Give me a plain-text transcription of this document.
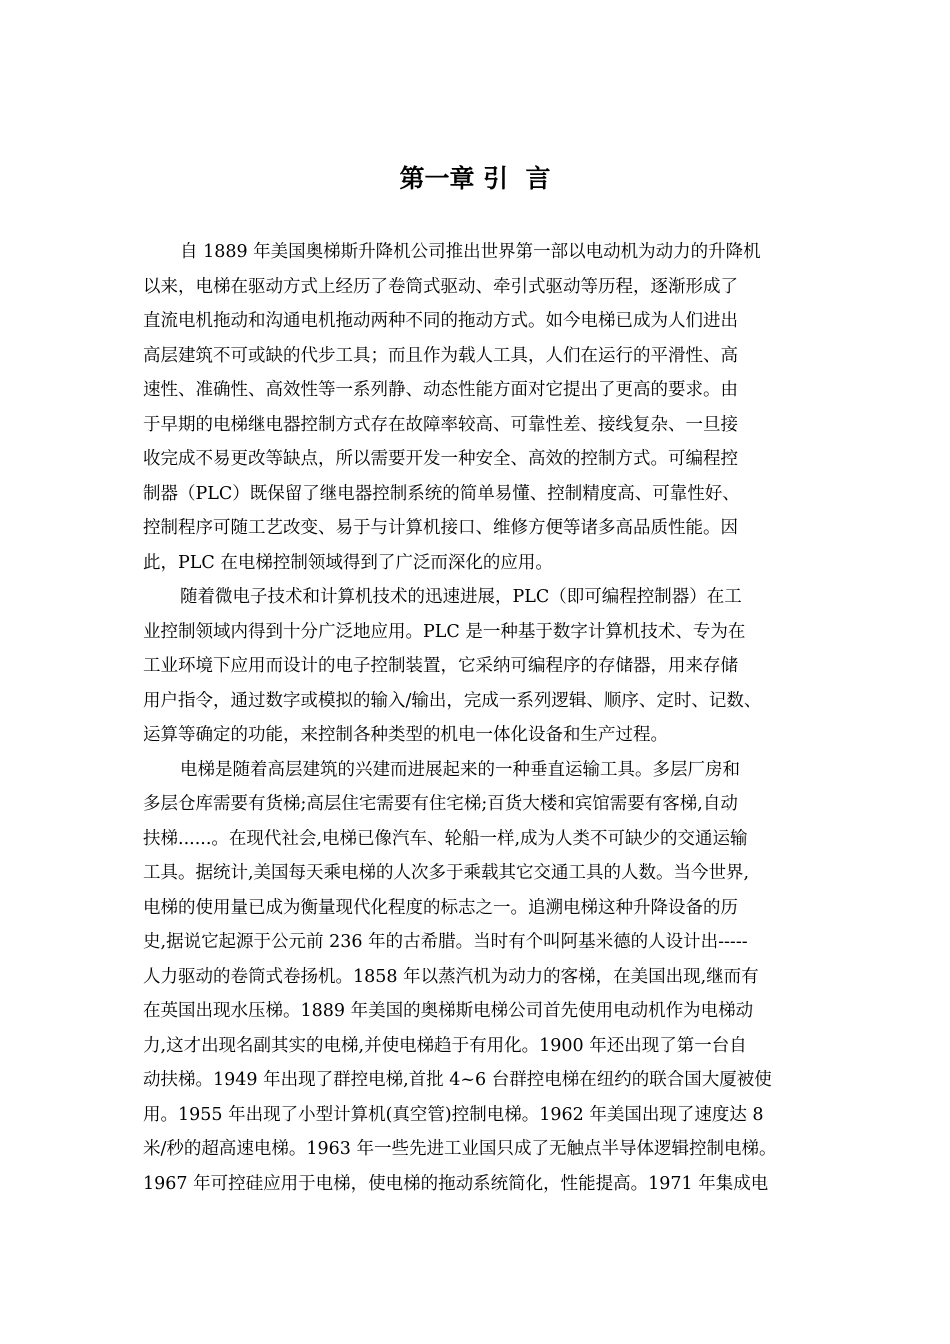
第一章 引  言
自 1889 年美国奥梯斯升降机公司推出世界第一部以电动机为动力的升降机
以来，电梯在驱动方式上经历了卷筒式驱动、牵引式驱动等历程，逐渐形成了
直流电机拖动和沟通电机拖动两种不同的拖动方式。如今电梯已成为人们进出
高层建筑不可或缺的代步工具；而且作为载人工具，人们在运行的平滑性、高
速性、准确性、高效性等一系列静、动态性能方面对它提出了更高的要求。由
于早期的电梯继电器控制方式存在故障率较高、可靠性差、接线复杂、一旦接
收完成不易更改等缺点，所以需要开发一种安全、高效的控制方式。可编程控
制器（PLC）既保留了继电器控制系统的简单易懂、控制精度高、可靠性好、
控制程序可随工艺改变、易于与计算机接口、维修方便等诸多高品质性能。因
此，PLC 在电梯控制领域得到了广泛而深化的应用。
随着微电子技术和计算机技术的迅速进展，PLC（即可编程控制器）在工
业控制领域内得到十分广泛地应用。PLC 是一种基于数字计算机技术、专为在
工业环境下应用而设计的电子控制装置，它采纳可编程序的存储器，用来存储
用户指令，通过数字或模拟的输入/输出，完成一系列逻辑、顺序、定时、记数、
运算等确定的功能，来控制各种类型的机电一体化设备和生产过程。
电梯是随着高层建筑的兴建而进展起来的一种垂直运输工具。多层厂房和
多层仓库需要有货梯;高层住宅需要有住宅梯;百货大楼和宾馆需要有客梯,自动
扶梯......。在现代社会,电梯已像汽车、轮船一样,成为人类不可缺少的交通运输
工具。据统计,美国每天乘电梯的人次多于乘载其它交通工具的人数。当今世界,
电梯的使用量已成为衡量现代化程度的标志之一。追溯电梯这种升降设备的历
史,据说它起源于公元前 236 年的古希腊。当时有个叫阿基米德的人设计出-----
人力驱动的卷筒式卷扬机。1858 年以蒸汽机为动力的客梯，在美国出现,继而有
在英国出现水压梯。1889 年美国的奥梯斯电梯公司首先使用电动机作为电梯动
力,这才出现名副其实的电梯,并使电梯趋于有用化。1900 年还出现了第一台自
动扶梯。1949 年出现了群控电梯,首批 4~6 台群控电梯在纽约的联合国大厦被使
用。1955 年出现了小型计算机(真空管)控制电梯。1962 年美国出现了速度达 8
米/秒的超高速电梯。1963 年一些先进工业国只成了无触点半导体逻辑控制电梯。
1967 年可控硅应用于电梯，使电梯的拖动系统简化，性能提高。1971 年集成电
